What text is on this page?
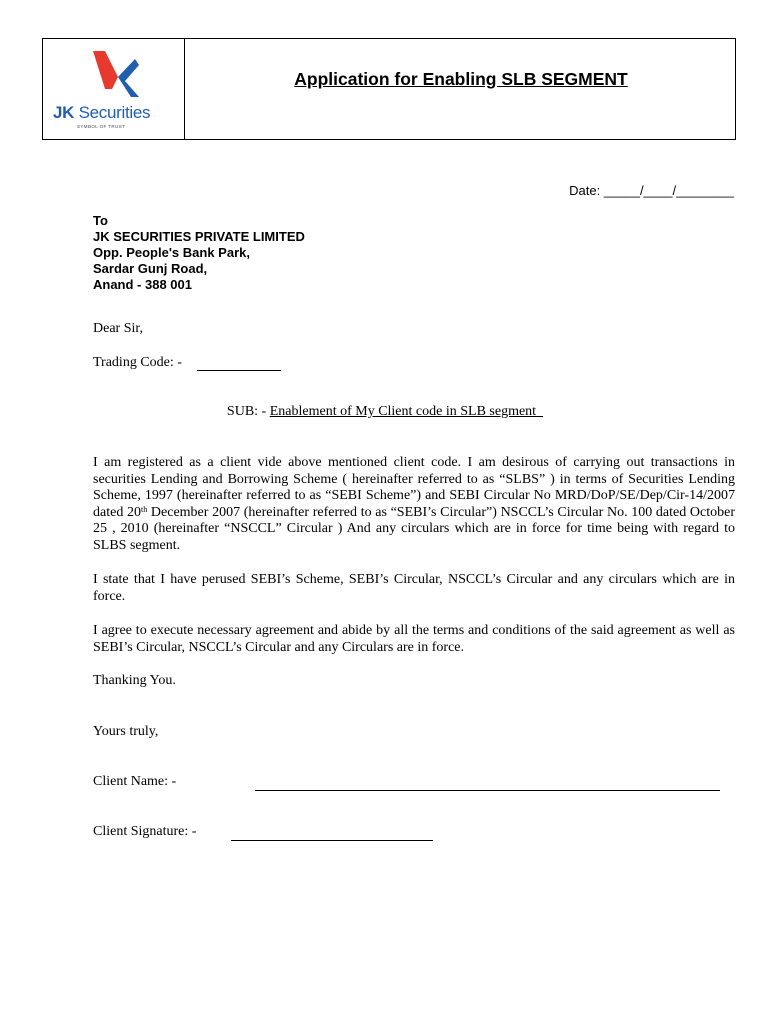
JK Securities
SYMBOL OF TRUST
Application for Enabling SLB SEGMENT
Date: _____/____/________
To
JK SECURITIES PRIVATE LIMITED
Opp. People's Bank Park,
Sardar Gunj Road,
Anand - 388 001
Dear Sir,
Trading Code: -
SUB: - Enablement of My Client code in SLB segment
I am registered as a client vide above mentioned client code. I am desirous of carrying out transactions in securities Lending and Borrowing Scheme ( hereinafter referred to as “SLBS” ) in terms of Securities Lending Scheme, 1997 (hereinafter referred to as “SEBI Scheme”) and SEBI Circular No MRD/DoP/SE/Dep/Cir-14/2007 dated 20th December 2007 (hereinafter referred to as “SEBI’s Circular”) NSCCL’s Circular No. 100 dated October 25 , 2010 (hereinafter “NSCCL” Circular ) And any circulars which are in force for time being with regard to SLBS segment.
I state that I have perused SEBI’s Scheme, SEBI’s Circular, NSCCL’s Circular and any circulars which are in force.
I agree to execute necessary agreement and abide by all the terms and conditions of the said agreement as well as SEBI’s Circular, NSCCL’s Circular and any Circulars are in force.
Thanking You.
Yours truly,
Client Name: -
Client Signature: -
